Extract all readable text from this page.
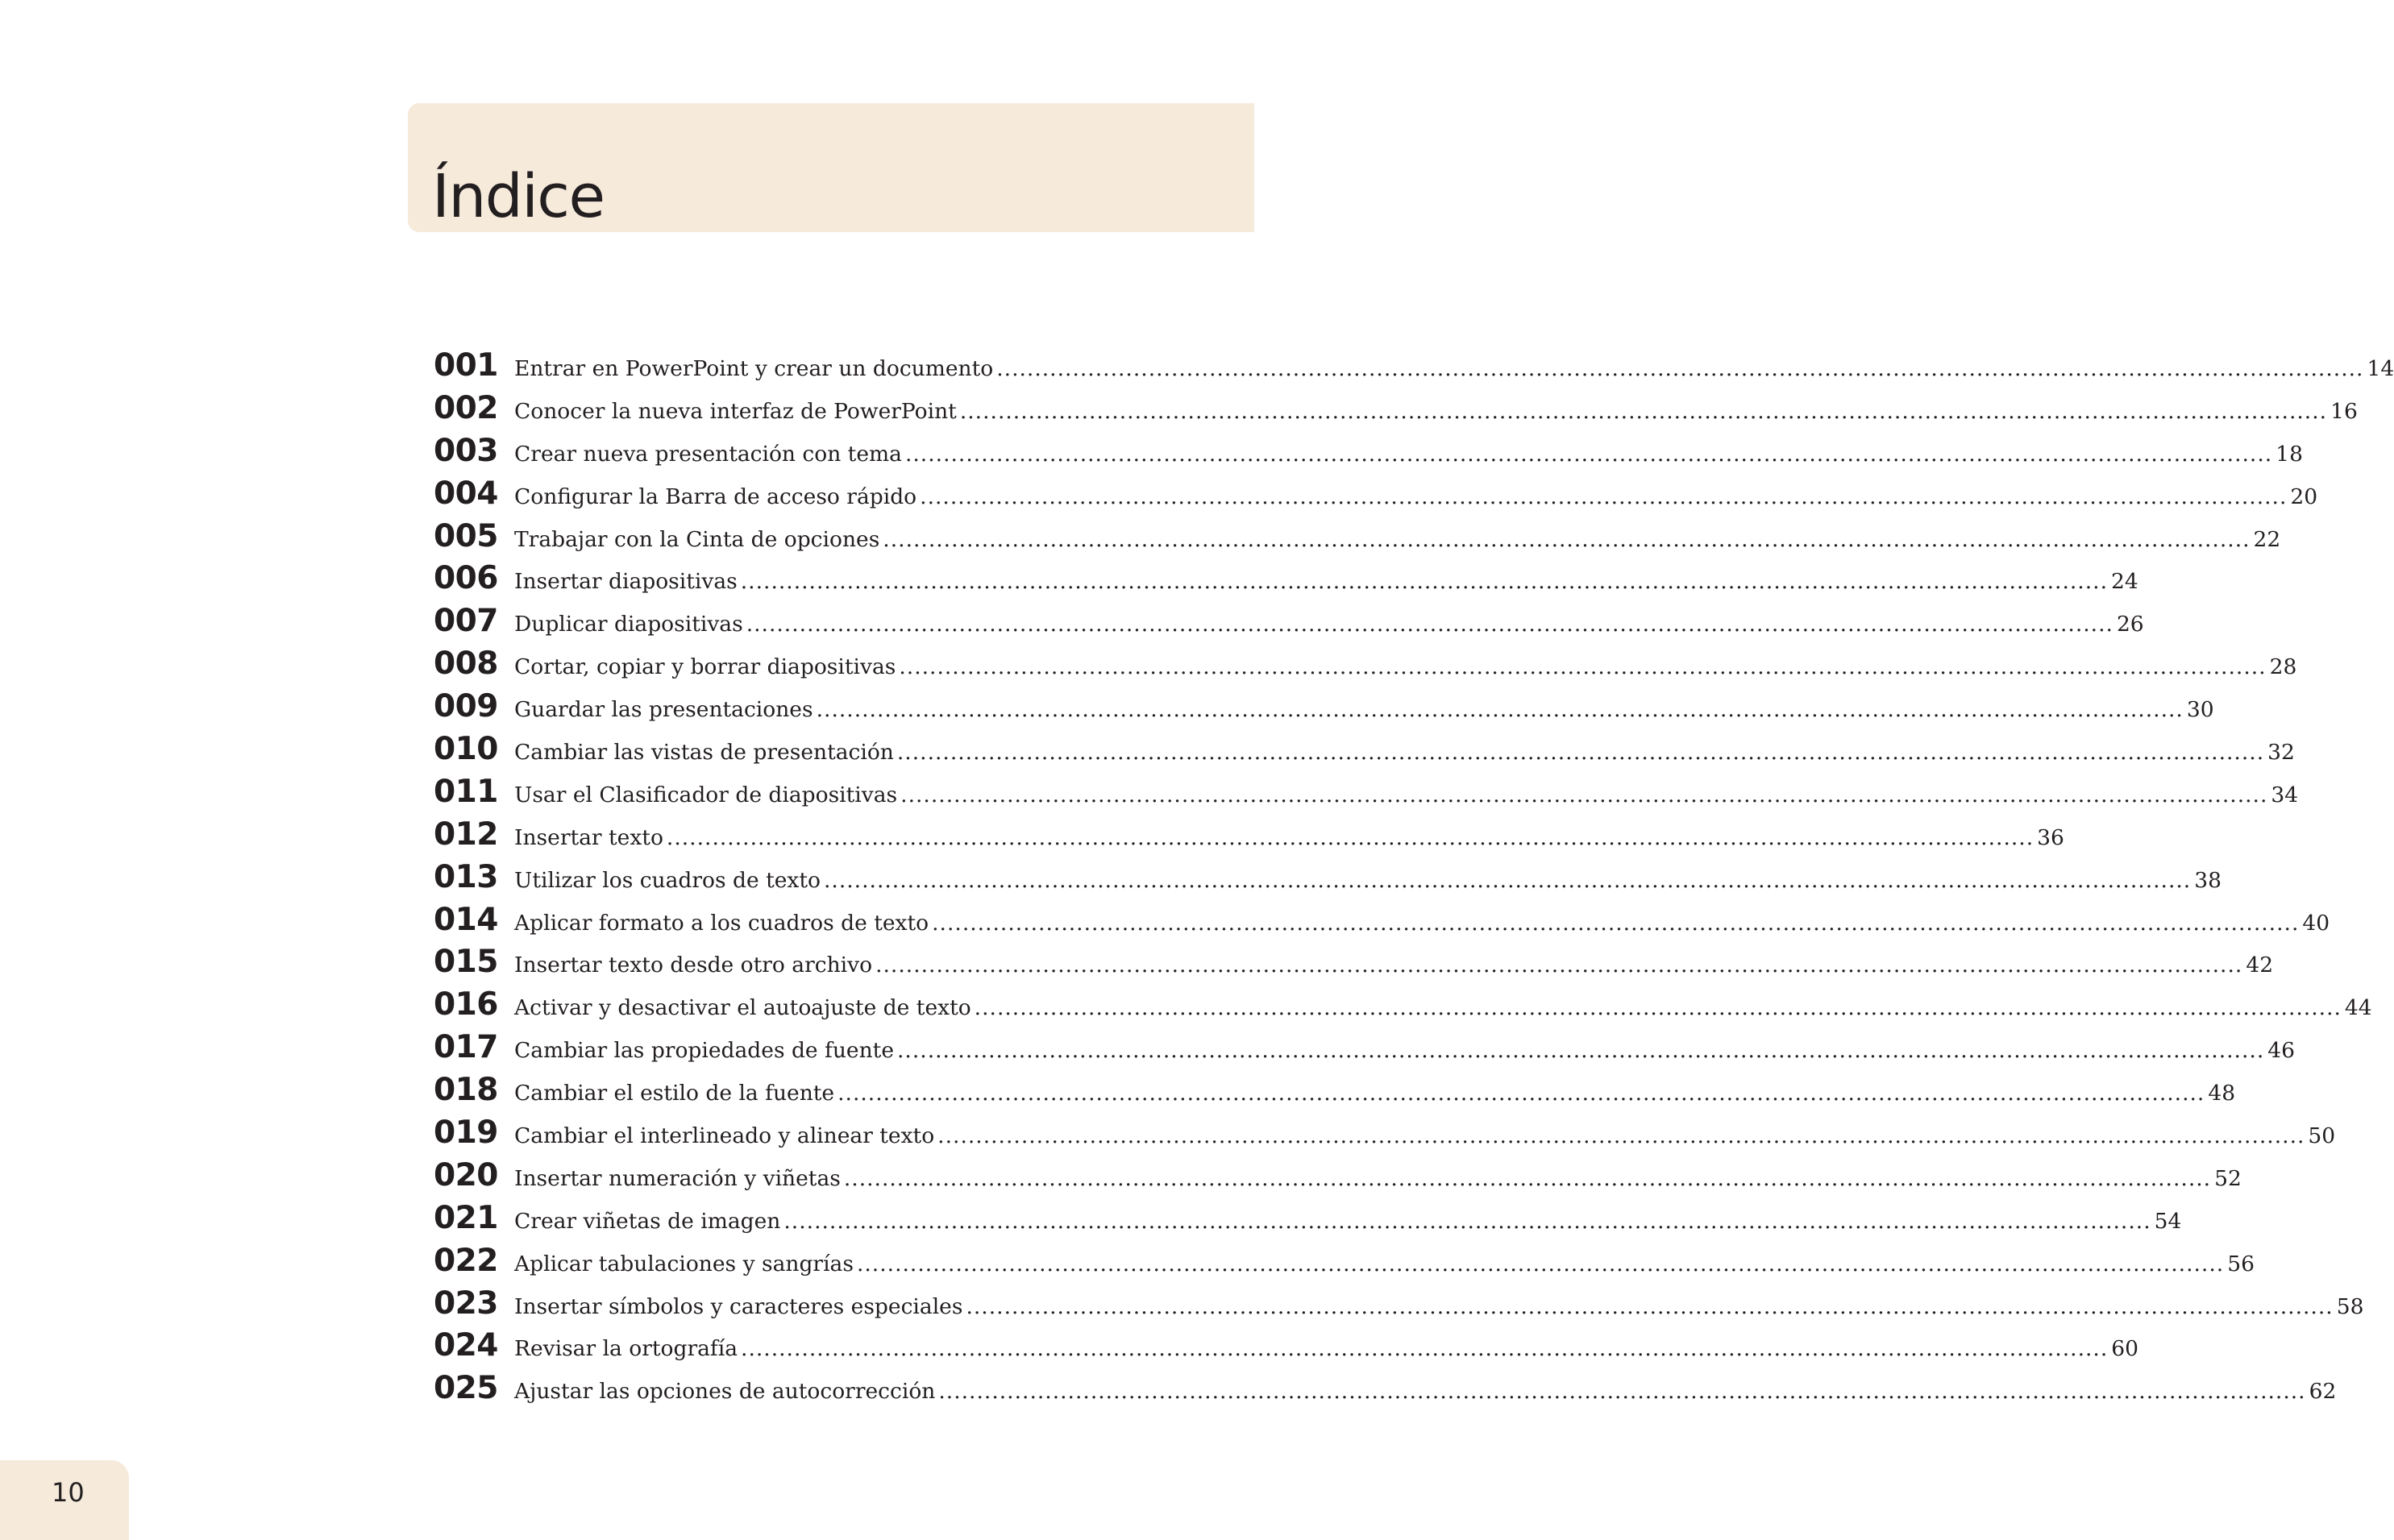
Índice
001 Entrar en PowerPoint y crear un documento .................................................................................................................................................................................... 14
002 Conocer la nueva interfaz de PowerPoint .................................................................................................................................................................................... 16
003 Crear nueva presentación con tema .................................................................................................................................................................................... 18
004 Configurar la Barra de acceso rápido .................................................................................................................................................................................... 20
005 Trabajar con la Cinta de opciones .................................................................................................................................................................................... 22
006 Insertar diapositivas .................................................................................................................................................................................... 24
007 Duplicar diapositivas .................................................................................................................................................................................... 26
008 Cortar, copiar y borrar diapositivas .................................................................................................................................................................................... 28
009 Guardar las presentaciones .................................................................................................................................................................................... 30
010 Cambiar las vistas de presentación .................................................................................................................................................................................... 32
011 Usar el Clasificador de diapositivas .................................................................................................................................................................................... 34
012 Insertar texto .................................................................................................................................................................................... 36
013 Utilizar los cuadros de texto .................................................................................................................................................................................... 38
014 Aplicar formato a los cuadros de texto .................................................................................................................................................................................... 40
015 Insertar texto desde otro archivo .................................................................................................................................................................................... 42
016 Activar y desactivar el autoajuste de texto .................................................................................................................................................................................... 44
017 Cambiar las propiedades de fuente .................................................................................................................................................................................... 46
018 Cambiar el estilo de la fuente .................................................................................................................................................................................... 48
019 Cambiar el interlineado y alinear texto .................................................................................................................................................................................... 50
020 Insertar numeración y viñetas .................................................................................................................................................................................... 52
021 Crear viñetas de imagen .................................................................................................................................................................................... 54
022 Aplicar tabulaciones y sangrías .................................................................................................................................................................................... 56
023 Insertar símbolos y caracteres especiales .................................................................................................................................................................................... 58
024 Revisar la ortografía .................................................................................................................................................................................... 60
025 Ajustar las opciones de autocorrección .................................................................................................................................................................................... 62
10
